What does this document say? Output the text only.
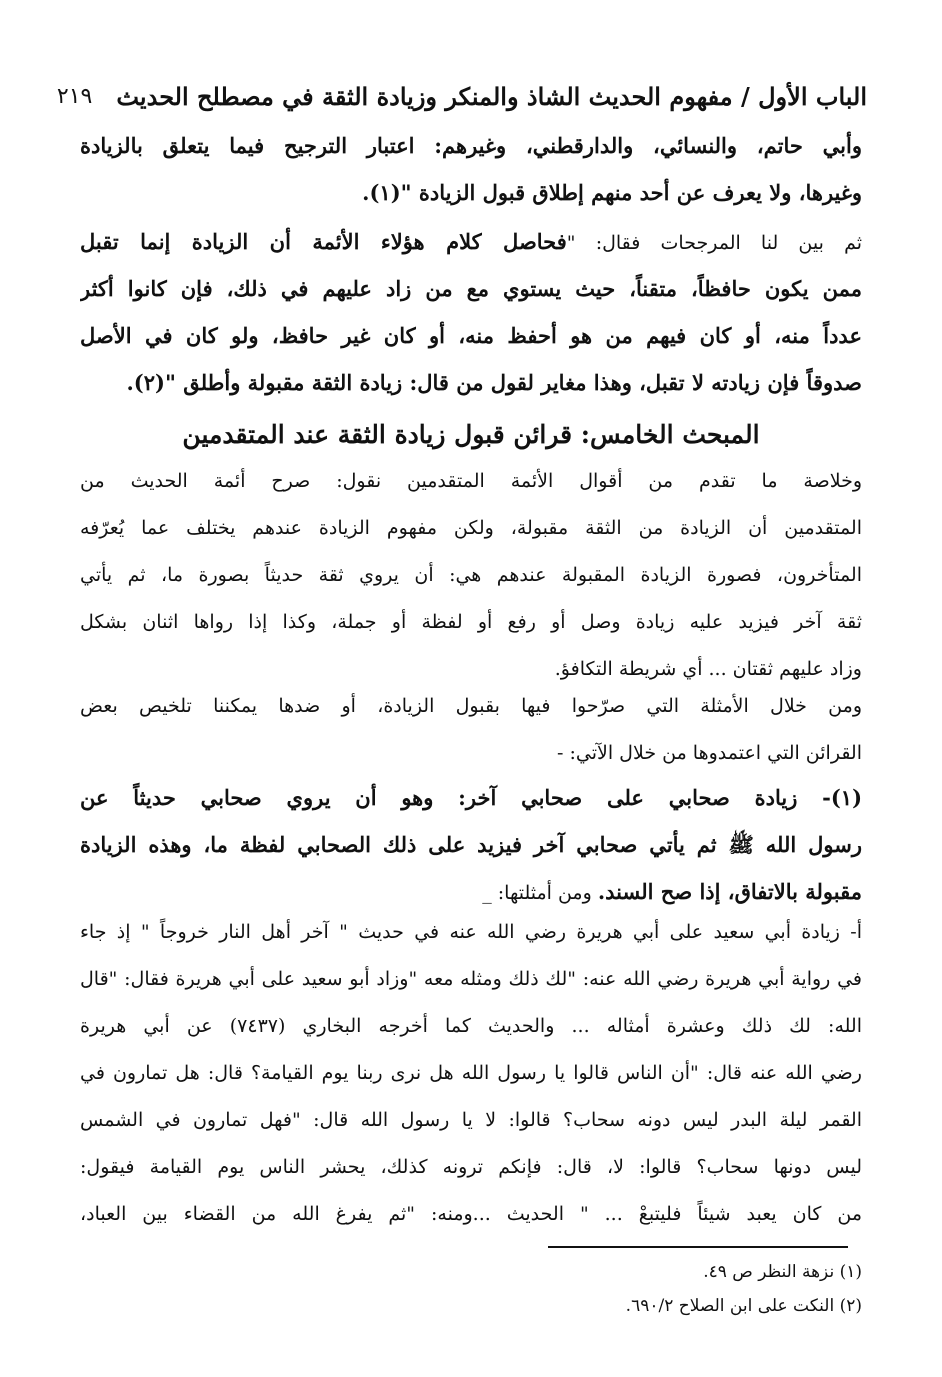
الباب الأول / مفهوم الحديث الشاذ والمنكر وزيادة الثقة في مصطلح الحديث
٢١٩
وأبي حاتم، والنسائي، والدارقطني، وغيرهم: اعتبار الترجيح فيما يتعلق بالزيادة
وغيرها، ولا يعرف عن أحد منهم إطلاق قبول الزيادة "(١).
ثم بين لنا المرجحات فقال: "فحاصل كلام هؤلاء الأئمة أن الزيادة إنما تقبل
ممن يكون حافظاً، متقناً، حيث يستوي مع من زاد عليهم في ذلك، فإن كانوا أكثر
عدداً منه، أو كان فيهم من هو أحفظ منه، أو كان غير حافظ، ولو كان في الأصل
صدوقاً فإن زيادته لا تقبل، وهذا مغاير لقول من قال: زيادة الثقة مقبولة وأطلق "(٢).
المبحث الخامس: قرائن قبول زيادة الثقة عند المتقدمين
وخلاصة ما تقدم من أقوال الأئمة المتقدمين نقول: صرح أئمة الحديث من
المتقدمين أن الزيادة من الثقة مقبولة، ولكن مفهوم الزيادة عندهم يختلف عما يُعرّفه
المتأخرون، فصورة الزيادة المقبولة عندهم هي: أن يروي ثقة حديثاً بصورة ما، ثم يأتي
ثقة آخر فيزيد عليه زيادة وصل أو رفع أو لفظة أو جملة، وكذا إذا رواها اثنان بشكل
وزاد عليهم ثقتان ... أي شريطة التكافؤ.
ومن خلال الأمثلة التي صرّحوا فيها بقبول الزيادة، أو ضدها يمكننا تلخيص بعض
القرائن التي اعتمدوها من خلال الآتي: -
(١)- زيادة صحابي على صحابي آخر: وهو أن يروي صحابي حديثاً عن
رسول الله ﷺ ثم يأتي صحابي آخر فيزيد على ذلك الصحابي لفظة ما، وهذه الزيادة
مقبولة بالاتفاق، إذا صح السند. ومن أمثلتها: _
أ- زيادة أبي سعيد على أبي هريرة رضي الله عنه في حديث " آخر أهل النار خروجاً " إذ جاء
في رواية أبي هريرة رضي الله عنه: "لك ذلك ومثله معه "وزاد أبو سعيد على أبي هريرة فقال: "قال
الله: لك ذلك وعشرة أمثاله ... والحديث كما أخرجه البخاري (٧٤٣٧) عن أبي هريرة
رضي الله عنه قال: "أن الناس قالوا يا رسول الله هل نرى ربنا يوم القيامة؟ قال: هل تمارون في
القمر ليلة البدر ليس دونه سحاب؟ قالوا: لا يا رسول الله قال: "فهل تمارون في الشمس
ليس دونها سحاب؟ قالوا: لا، قال: فإنكم ترونه كذلك، يحشر الناس يوم القيامة فيقول:
من كان يعبد شيئاً فليتبعْ ... " الحديث ...ومنه: "ثم يفرغ الله من القضاء بين العباد،
(١) نزهة النظر ص ٤٩.
(٢) النكت على ابن الصلاح ٦٩٠/٢.
